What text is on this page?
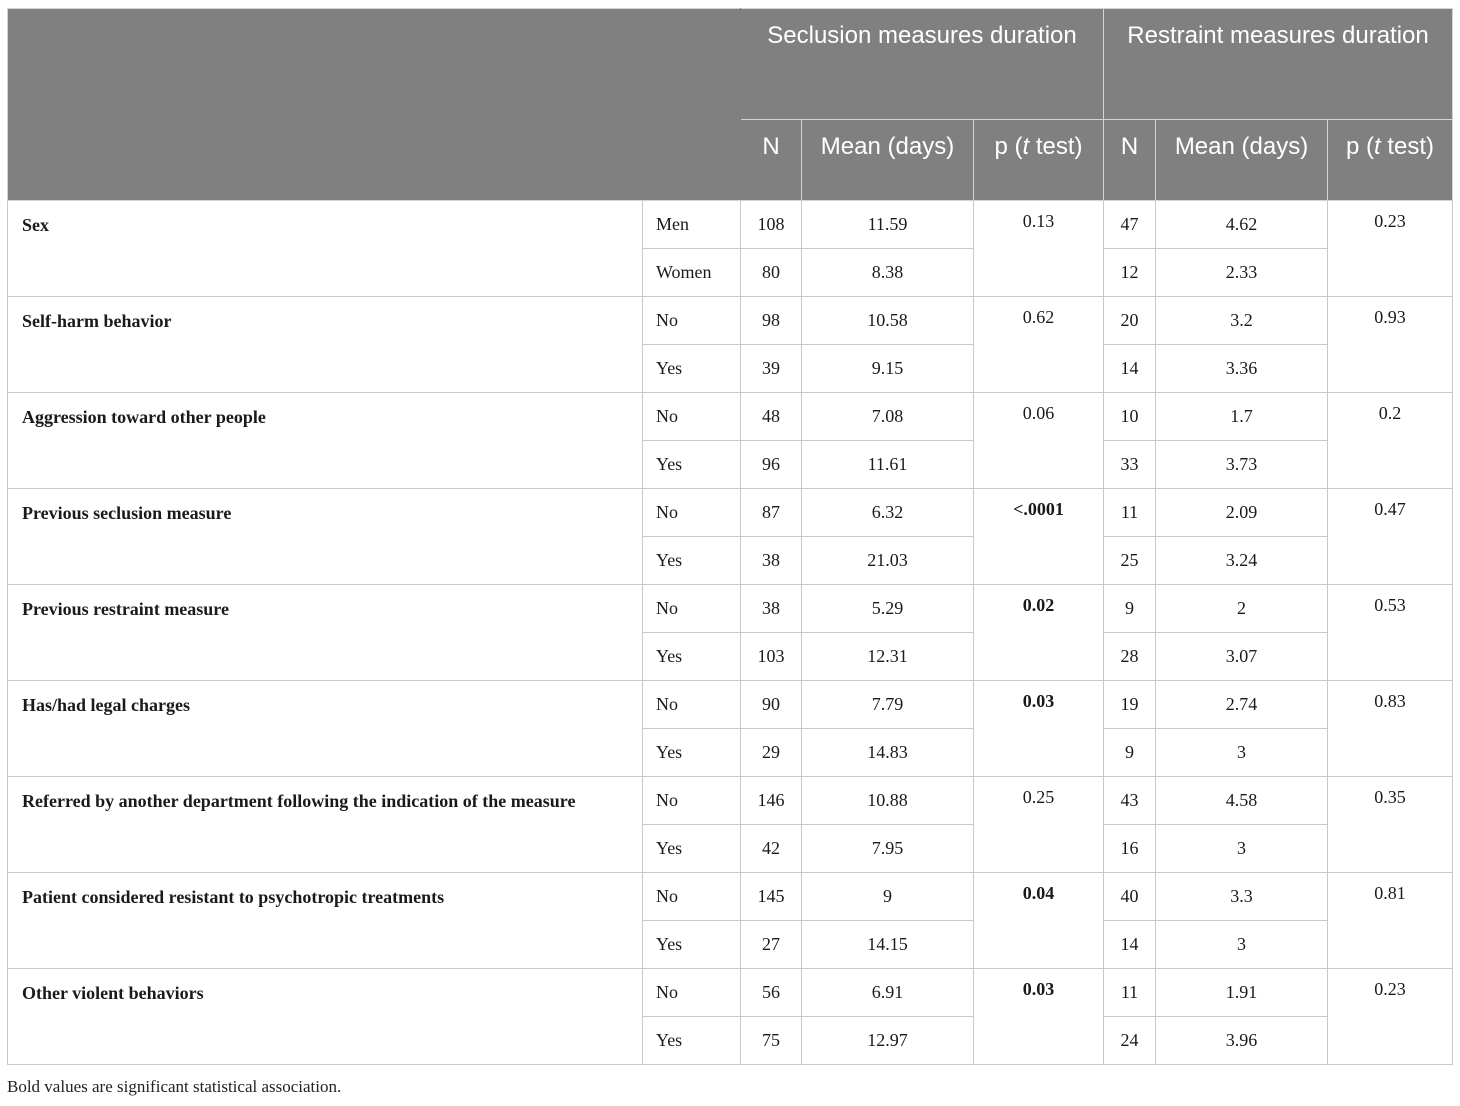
		Seclusion measures duration			Restraint measures duration		
		N	Mean (days)	p (t test)	N	Mean (days)	p (t test)
Sex	Men	108	11.59	0.13	47	4.62	0.23
	Women	80	8.38		12	2.33	
Self-harm behavior	No	98	10.58	0.62	20	3.2	0.93
	Yes	39	9.15		14	3.36	
Aggression toward other people	No	48	7.08	0.06	10	1.7	0.2
	Yes	96	11.61		33	3.73	
Previous seclusion measure	No	87	6.32	<.0001	11	2.09	0.47
	Yes	38	21.03		25	3.24	
Previous restraint measure	No	38	5.29	0.02	9	2	0.53
	Yes	103	12.31		28	3.07	
Has/had legal charges	No	90	7.79	0.03	19	2.74	0.83
	Yes	29	14.83		9	3	
Referred by another department following the indication of the measure	No	146	10.88	0.25	43	4.58	0.35
	Yes	42	7.95		16	3	
Patient considered resistant to psychotropic treatments	No	145	9	0.04	40	3.3	0.81
	Yes	27	14.15		14	3	
Other violent behaviors	No	56	6.91	0.03	11	1.91	0.23
	Yes	75	12.97		24	3.96	
Bold values are significant statistical association.
